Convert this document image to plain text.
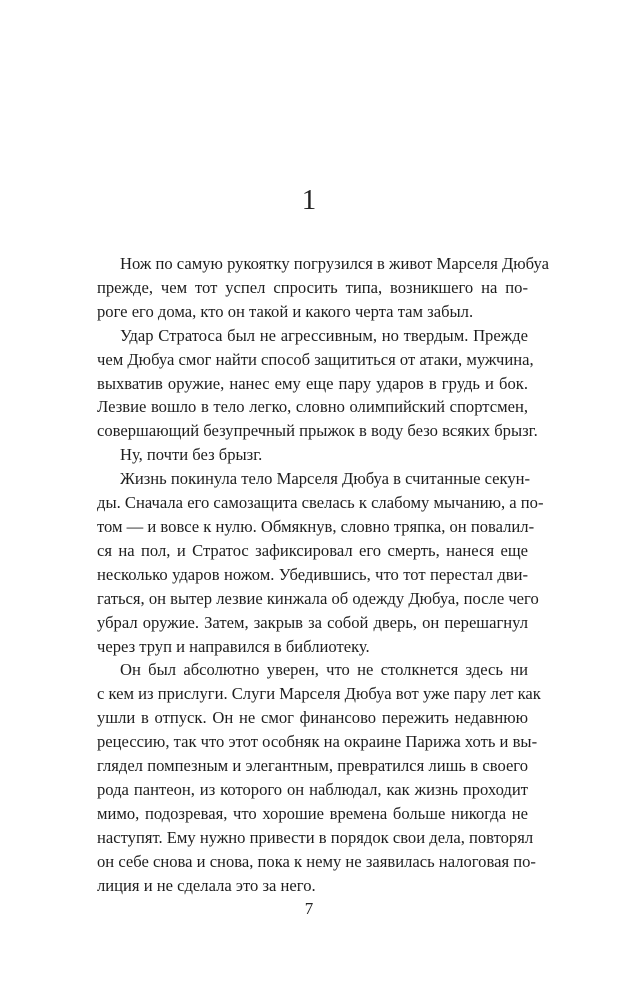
1

Нож по самую рукоятку погрузился в живот Марселя Дюбуа
прежде, чем тот успел спросить типа, возникшего на по-
роге его дома, кто он такой и какого черта там забыл.

Удар Стратоса был не агрессивным, но твердым. Прежде
чем Дюбуа смог найти способ защититься от атаки, мужчина,
выхватив оружие, нанес ему еще пару ударов в грудь и бок.
Лезвие вошло в тело легко, словно олимпийский спортсмен,
совершающий безупречный прыжок в воду безо всяких брызг.

Ну, почти без брызг.

Жизнь покинула тело Марселя Дюбуа в считанные секун-
ды. Сначала его самозащита свелась к слабому мычанию, а по-
том — и вовсе к нулю. Обмякнув, словно тряпка, он повалил-
ся на пол, и Стратос зафиксировал его смерть, нанеся еще
несколько ударов ножом. Убедившись, что тот перестал дви-
гаться, он вытер лезвие кинжала об одежду Дюбуа, после чего
убрал оружие. Затем, закрыв за собой дверь, он перешагнул
через труп и направился в библиотеку.

Он был абсолютно уверен, что не столкнется здесь ни
с кем из прислуги. Слуги Марселя Дюбуа вот уже пару лет как
ушли в отпуск. Он не смог финансово пережить недавнюю
рецессию, так что этот особняк на окраине Парижа хоть и вы-
глядел помпезным и элегантным, превратился лишь в своего
рода пантеон, из которого он наблюдал, как жизнь проходит
мимо, подозревая, что хорошие времена больше никогда не
наступят. Ему нужно привести в порядок свои дела, повторял
он себе снова и снова, пока к нему не заявилась налоговая по-
лиция и не сделала это за него.

7
